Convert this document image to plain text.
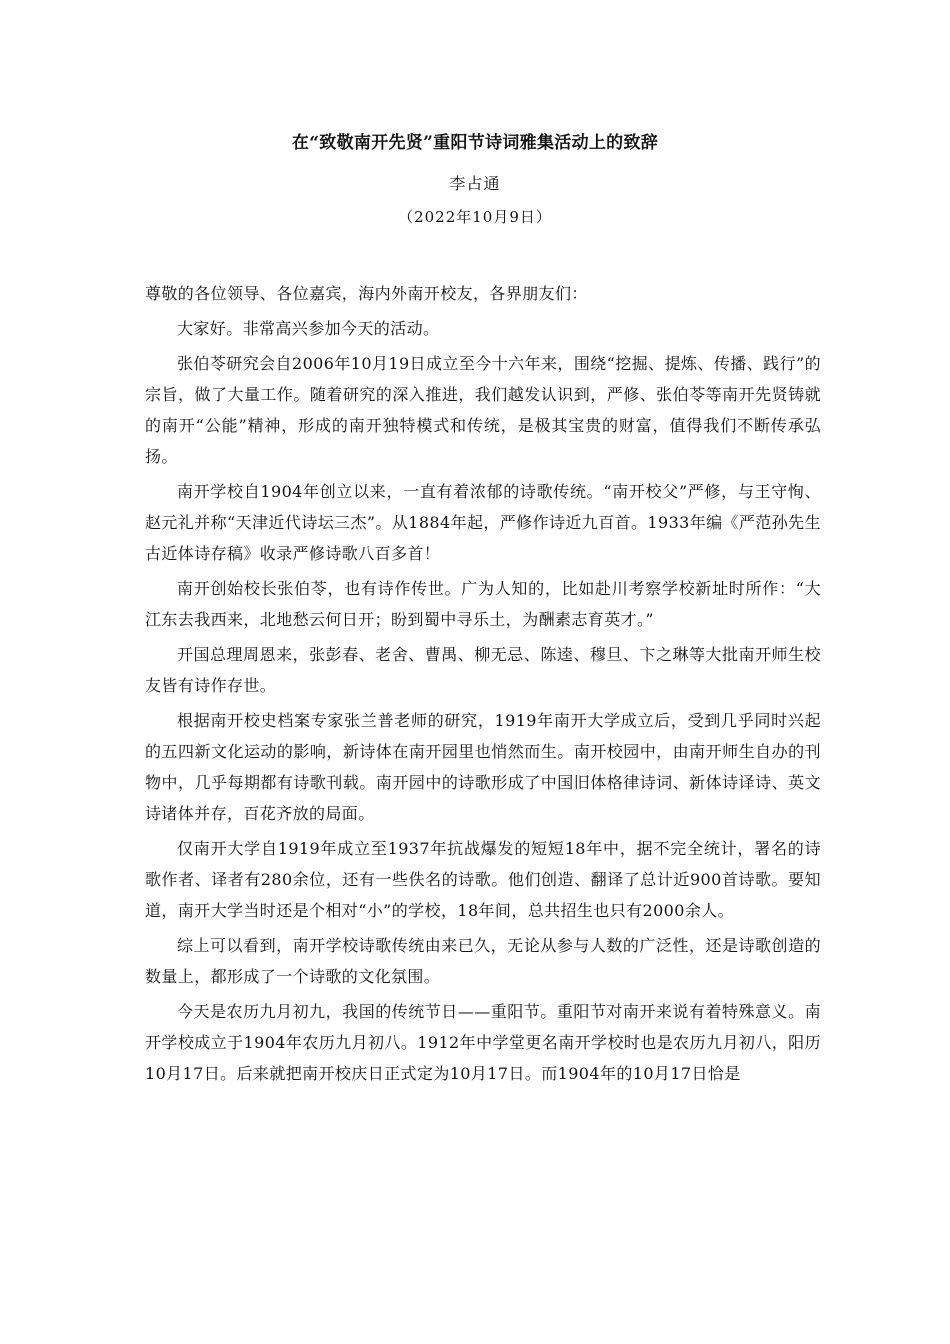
在“致敬南开先贤”重阳节诗词雅集活动上的致辞
李占通
（2022年10月9日）

尊敬的各位领导、各位嘉宾，海内外南开校友，各界朋友们：

大家好。非常高兴参加今天的活动。

张伯苓研究会自2006年10月19日成立至今十六年来，围绕“挖掘、提炼、传播、践行”的宗旨，做了大量工作。随着研究的深入推进，我们越发认识到，严修、张伯苓等南开先贤铸就的南开“公能”精神，形成的南开独特模式和传统，是极其宝贵的财富，值得我们不断传承弘扬。

南开学校自1904年创立以来，一直有着浓郁的诗歌传统。“南开校父”严修，与王守恂、赵元礼并称“天津近代诗坛三杰”。从1884年起，严修作诗近九百首。1933年编《严范孙先生古近体诗存稿》收录严修诗歌八百多首！

南开创始校长张伯苓，也有诗作传世。广为人知的，比如赴川考察学校新址时所作：“大江东去我西来，北地愁云何日开；盼到蜀中寻乐土，为酬素志育英才。”

开国总理周恩来，张彭春、老舍、曹禺、柳无忌、陈逵、穆旦、卞之琳等大批南开师生校友皆有诗作存世。

根据南开校史档案专家张兰普老师的研究，1919年南开大学成立后，受到几乎同时兴起的五四新文化运动的影响，新诗体在南开园里也悄然而生。南开校园中，由南开师生自办的刊物中，几乎每期都有诗歌刊载。南开园中的诗歌形成了中国旧体格律诗词、新体诗译诗、英文诗诸体并存，百花齐放的局面。

仅南开大学自1919年成立至1937年抗战爆发的短短18年中，据不完全统计，署名的诗歌作者、译者有280余位，还有一些佚名的诗歌。他们创造、翻译了总计近900首诗歌。要知道，南开大学当时还是个相对“小”的学校，18年间，总共招生也只有2000余人。

综上可以看到，南开学校诗歌传统由来已久，无论从参与人数的广泛性，还是诗歌创造的数量上，都形成了一个诗歌的文化氛围。

今天是农历九月初九，我国的传统节日——重阳节。重阳节对南开来说有着特殊意义。南开学校成立于1904年农历九月初八。1912年中学堂更名南开学校时也是农历九月初八，阳历10月17日。后来就把南开校庆日正式定为10月17日。而1904年的10月17日恰是
